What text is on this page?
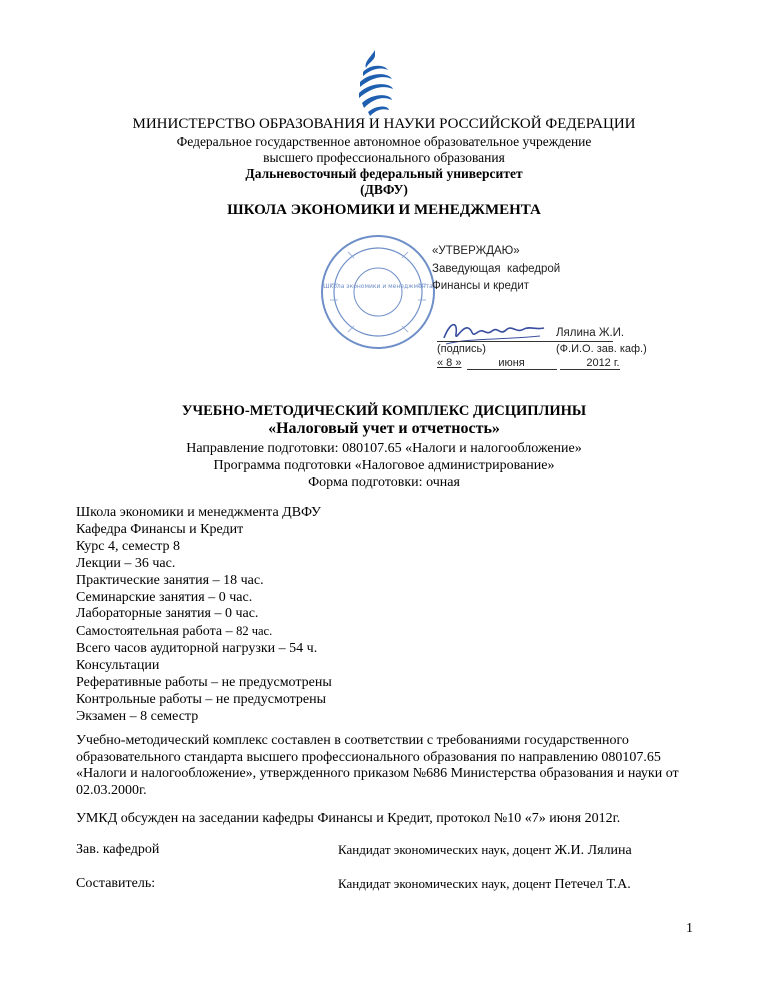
МИНИСТЕРСТВО ОБРАЗОВАНИЯ И НАУКИ РОССИЙСКОЙ ФЕДЕРАЦИИ
Федеральное государственное автономное образовательное учреждение
высшего профессионального образования
Дальневосточный федеральный университет
(ДВФУ)
ШКОЛА ЭКОНОМИКИ И МЕНЕДЖМЕНТА
Школа экономики и менеджмента
«УТВЕРЖДАЮ»
Заведующая  кафедрой
Финансы и кредит
Лялина Ж.И.
(подпись)	(Ф.И.О. зав. каф.)
« 8 »	июня	2012 г.
УЧЕБНО-МЕТОДИЧЕСКИЙ КОМПЛЕКС ДИСЦИПЛИНЫ
«Налоговый учет и отчетность»
Направление подготовки: 080107.65 «Налоги и налогообложение»
Программа подготовки «Налоговое администрирование»
Форма подготовки: очная
Школа экономики и менеджмента ДВФУ
Кафедра Финансы и Кредит
Курс 4, семестр 8
Лекции – 36 час.
Практические занятия – 18 час.
Семинарские занятия – 0 час.
Лабораторные занятия – 0 час.
Самостоятельная работа – 82 час.
Всего часов аудиторной нагрузки – 54 ч.
Консультации
Реферативные работы – не предусмотрены
Контрольные работы – не предусмотрены
Экзамен – 8 семестр
Учебно-методический комплекс составлен в соответствии с требованиями государственного образовательного стандарта высшего профессионального образования по направлению 080107.65 «Налоги и налогообложение», утвержденного приказом №686 Министерства образования и науки от 02.03.2000г.
УМКД обсужден на заседании кафедры Финансы и Кредит, протокол №10 «7» июня 2012г.
Зав. кафедрой	Кандидат экономических наук, доцент Ж.И. Лялина
Составитель:	Кандидат экономических наук, доцент Петечел Т.А.
1
